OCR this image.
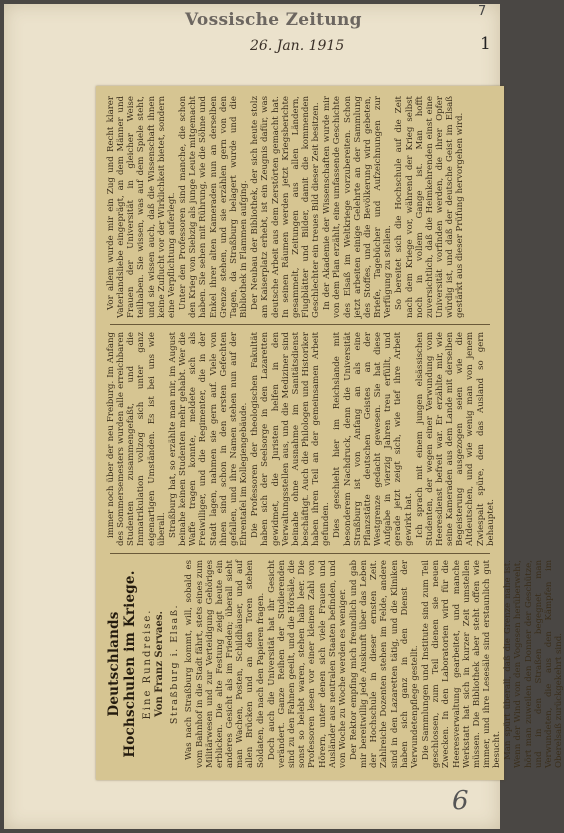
7
Vossische Zeitung
26. Jan. 1915	1
Deutschlands Hochschulen im Kriege. Eine Rundreise. Von Franz Servaes. Straßburg i. Elsaß. Was nach Straßburg kommt, will, sobald es vom Bahnhof in die Stadt fährt, stets eines zum Militärwesen und zur Verteidigung Gehöriges erblicken. Die alte Festung zeigt heute ein anderes Gesicht als im Frieden; überall sieht man Wachen, Posten, Schildhäuser, und auf allen Brücken und an den Toren stehen Soldaten, die nach den Papieren fragen. Doch auch die Universität hat ihr Gesicht verändert. Ganze Reihen der Studierenden sind zu den Fahnen geeilt, und die Hörsäle, die sonst so belebt waren, stehen halb leer. Die Professoren lesen vor einer kleinen Zahl von Hörern, unter denen sich viele Frauen und Ausländer aus neutralen Staaten befinden, und von Woche zu Woche werden es weniger. Der Rektor empfing mich freundlich und gab mir bereitwillig jede Auskunft über das Leben der Hochschule in dieser ernsten Zeit. Zahlreiche Dozenten stehen im Felde, andere sind in den Lazaretten tätig, und die Kliniken haben sich ganz in den Dienst der Verwundetenpflege gestellt. Die Sammlungen und Institute sind zum Teil geschlossen, zum Teil dienen sie neuen Zwecken. In den Laboratorien wird für die Heeresverwaltung gearbeitet, und manche Werkstatt hat sich in kurzer Zeit umstellen müssen. Die Bibliothek aber steht offen wie immer, und ihre Lesesäle sind erstaunlich gut besucht. Man spürt überall, daß die Grenze nahe ist. Wenn der Wind von den Vogesen herüberweht, hört man zuweilen den Donner der Geschütze, und in den Straßen begegnet man Verwundeten, die aus den Kämpfen im Oberelsaß zurückgekehrt sind.

immer noch über der neu Freiburg. Im Anfang des Sommersemesters wurden alle erreichbaren Studenten zusammengefaßt, und die Immatrikulation vollzog sich unter ganz eigenartigen Umständen. Es ist bei uns wie überall. Straßburg hat, so erzählte man mir, im August beinahe keinen Studenten mehr gehabt. Wer die Waffe tragen konnte, meldete sich als Freiwilliger, und die Regimenter, die in der Stadt lagen, nahmen sie gern auf. Viele von ihnen sind schon in den ersten Gefechten gefallen, und ihre Namen stehen nun auf der Ehrentafel im Kollegiengebäude. Die Professoren der theologischen Fakultät haben sich der Seelsorge in den Lazaretten gewidmet, die Juristen helfen in den Verwaltungsstellen aus, und die Mediziner sind beinahe ohne Ausnahme im Sanitätsdienst beschäftigt. Auch die Philologen und Historiker haben ihren Teil an der gemeinsamen Arbeit gefunden. Dies geschieht hier im Reichslande mit besonderem Nachdruck, denn die Universität Straßburg ist von Anfang an als eine Pflanzstätte deutschen Geistes an der Westgrenze gedacht gewesen. Sie hat diese Aufgabe in vierzig Jahren treu erfüllt, und gerade jetzt zeigt sich, wie tief ihre Arbeit gewirkt hat. Ich sprach mit einem jungen elsässischen Studenten, der wegen einer Verwundung vom Heeresdienst befreit war. Er erzählte mir, wie seine Kameraden aus dem Lande mit derselben Begeisterung ausgezogen seien wie die Altdeutschen, und wie wenig man von jenem Zwiespalt spüre, den das Ausland so gern behauptet.

Vor allem wurde mir ein Zug und Recht klarer Vaterlandsliebe eingeprägt, an dem Männer und Frauen der Universität in gleicher Weise teilhaben. Sie wissen, was auf dem Spiele steht, und sie wissen auch, daß die Wissenschaft ihnen keine Zuflucht vor der Wirklichkeit bietet, sondern eine Verpflichtung auferlegt. Unter den Professoren sind manche, die schon den Krieg von Siebzig als junge Leute mitgemacht haben. Sie sehen mit Rührung, wie die Söhne und Enkel ihrer alten Kameraden nun an derselben Grenze stehen, und sie erzählen gern von den Tagen, da Straßburg belagert wurde und die Bibliothek in Flammen aufging. Der Neubau der Bibliothek, der sich heute stolz am Kaiserplatz erhebt, ist ein Zeugnis dafür, was deutsche Arbeit aus dem Zerstörten gemacht hat. In seinen Räumen werden jetzt Kriegsberichte gesammelt, Zeitungen aus allen Ländern, Flugblätter und Bilder, damit die kommenden Geschlechter ein treues Bild dieser Zeit besitzen. In der Akademie der Wissenschaften wurde mir von dem Plan erzählt, eine umfassende Geschichte des Elsaß im Weltkriege vorzubereiten. Schon jetzt arbeiten einige Gelehrte an der Sammlung des Stoffes, und die Bevölkerung wird gebeten, Briefe, Tagebücher und Aufzeichnungen zur Verfügung zu stellen. So bereitet sich die Hochschule auf die Zeit nach dem Kriege vor, während der Krieg selbst noch in vollem Gange ist. Man hofft zuversichtlich, daß die Heimkehrenden einst eine Universität vorfinden werden, die ihrer Opfer würdig ist, und daß der deutsche Geist im Elsaß gestärkt aus dieser Prüfung hervorgehen wird.

6
